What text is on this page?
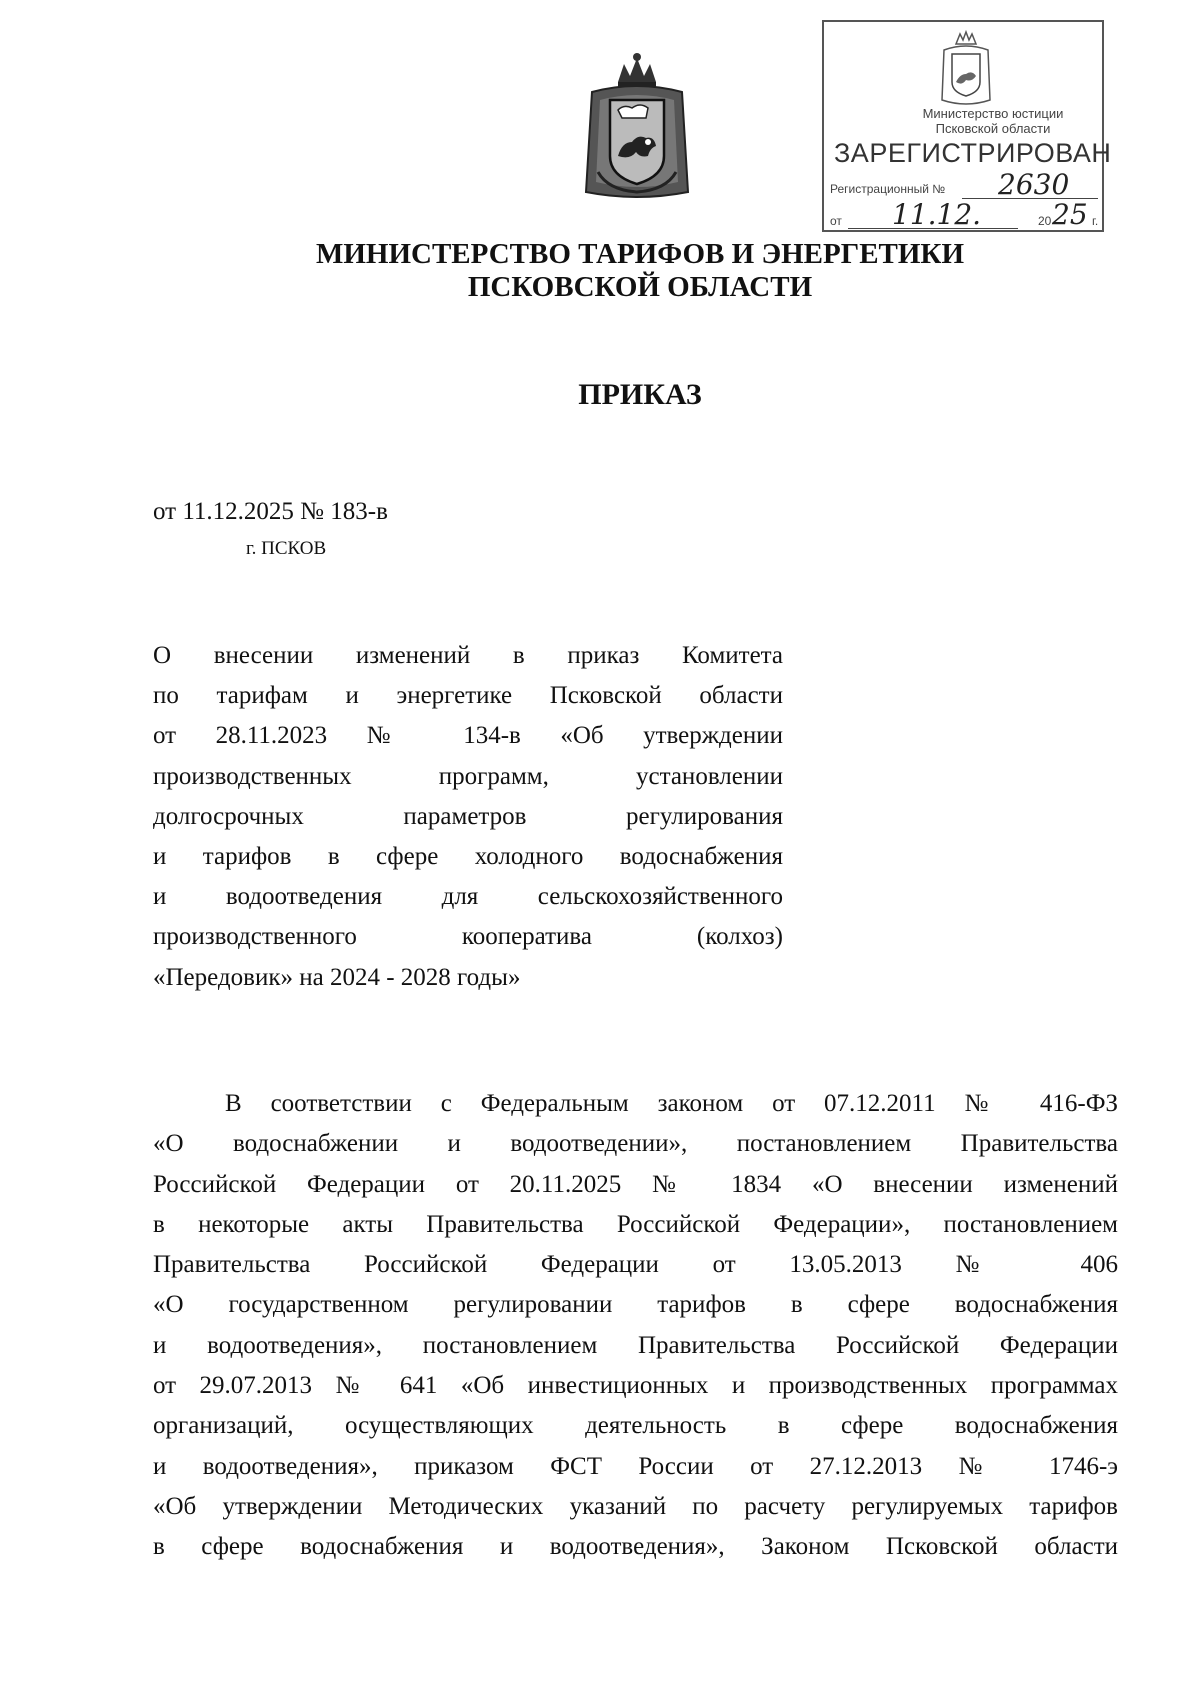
Министерство юстиции
Псковской области
ЗАРЕГИСТРИРОВАН
Регистрационный № 2630
от 11.12.	20 25 г.
МИНИСТЕРСТВО ТАРИФОВ И ЭНЕРГЕТИКИ
ПСКОВСКОЙ ОБЛАСТИ
ПРИКАЗ
от 11.12.2025 № 183-в
г. ПСКОВ
О внесении изменений в приказ Комитета
по тарифам и энергетике Псковской области
от 28.11.2023 № 134-в «Об утверждении
производственных программ, установлении
долгосрочных параметров регулирования
и тарифов в сфере холодного водоснабжения
и водоотведения для сельскохозяйственного
производственного кооператива (колхоз)
«Передовик» на 2024 - 2028 годы»
В соответствии с Федеральным законом от 07.12.2011 № 416-ФЗ
«О водоснабжении и водоотведении», постановлением Правительства
Российской Федерации от 20.11.2025 № 1834 «О внесении изменений
в некоторые акты Правительства Российской Федерации», постановлением
Правительства Российской Федерации от 13.05.2013 № 406
«О государственном регулировании тарифов в сфере водоснабжения
и водоотведения», постановлением Правительства Российской Федерации
от 29.07.2013 № 641 «Об инвестиционных и производственных программах
организаций, осуществляющих деятельность в сфере водоснабжения
и водоотведения», приказом ФСТ России от 27.12.2013 № 1746-э
«Об утверждении Методических указаний по расчету регулируемых тарифов
в сфере водоснабжения и водоотведения», Законом Псковской области
